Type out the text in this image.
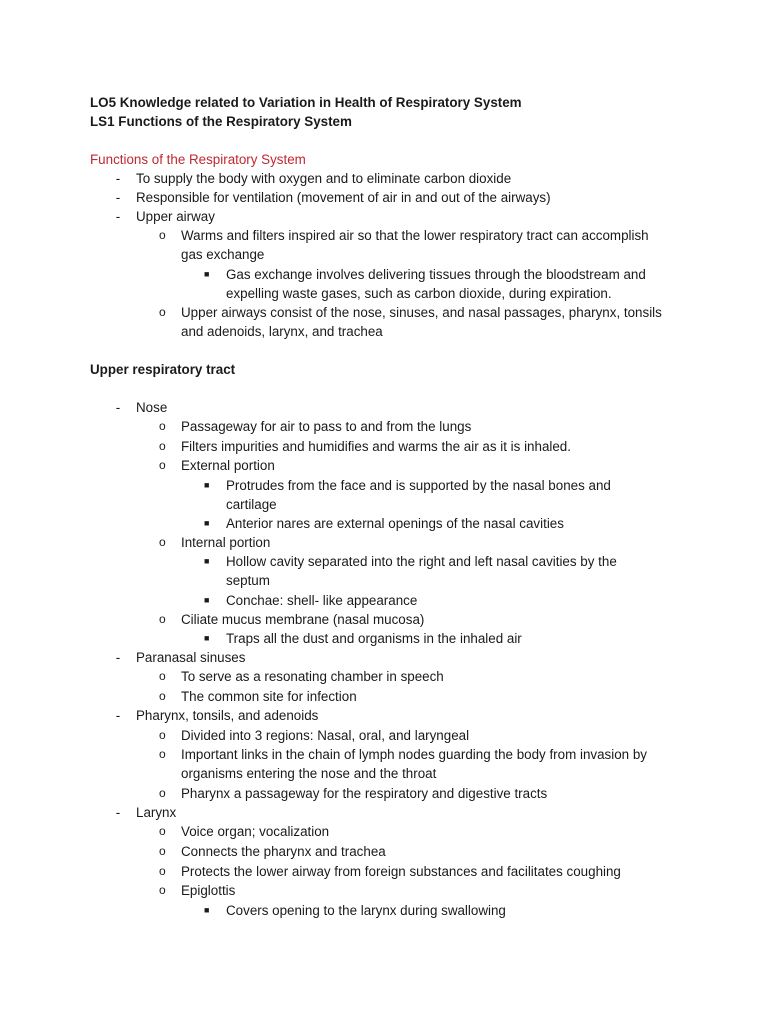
LO5 Knowledge related to Variation in Health of Respiratory System
LS1 Functions of the Respiratory System
Functions of the Respiratory System
- To supply the body with oxygen and to eliminate carbon dioxide
- Responsible for ventilation (movement of air in and out of the airways)
- Upper airway
o Warms and filters inspired air so that the lower respiratory tract can accomplish
gas exchange
■ Gas exchange involves delivering tissues through the bloodstream and
expelling waste gases, such as carbon dioxide, during expiration.
o Upper airways consist of the nose, sinuses, and nasal passages, pharynx, tonsils
and adenoids, larynx, and trachea
Upper respiratory tract
- Nose
o Passageway for air to pass to and from the lungs
o Filters impurities and humidifies and warms the air as it is inhaled.
o External portion
■ Protrudes from the face and is supported by the nasal bones and
cartilage
■ Anterior nares are external openings of the nasal cavities
o Internal portion
■ Hollow cavity separated into the right and left nasal cavities by the
septum
■ Conchae: shell- like appearance
o Ciliate mucus membrane (nasal mucosa)
■ Traps all the dust and organisms in the inhaled air
- Paranasal sinuses
o To serve as a resonating chamber in speech
o The common site for infection
- Pharynx, tonsils, and adenoids
o Divided into 3 regions: Nasal, oral, and laryngeal
o Important links in the chain of lymph nodes guarding the body from invasion by
organisms entering the nose and the throat
o Pharynx a passageway for the respiratory and digestive tracts
- Larynx
o Voice organ; vocalization
o Connects the pharynx and trachea
o Protects the lower airway from foreign substances and facilitates coughing
o Epiglottis
■ Covers opening to the larynx during swallowing
